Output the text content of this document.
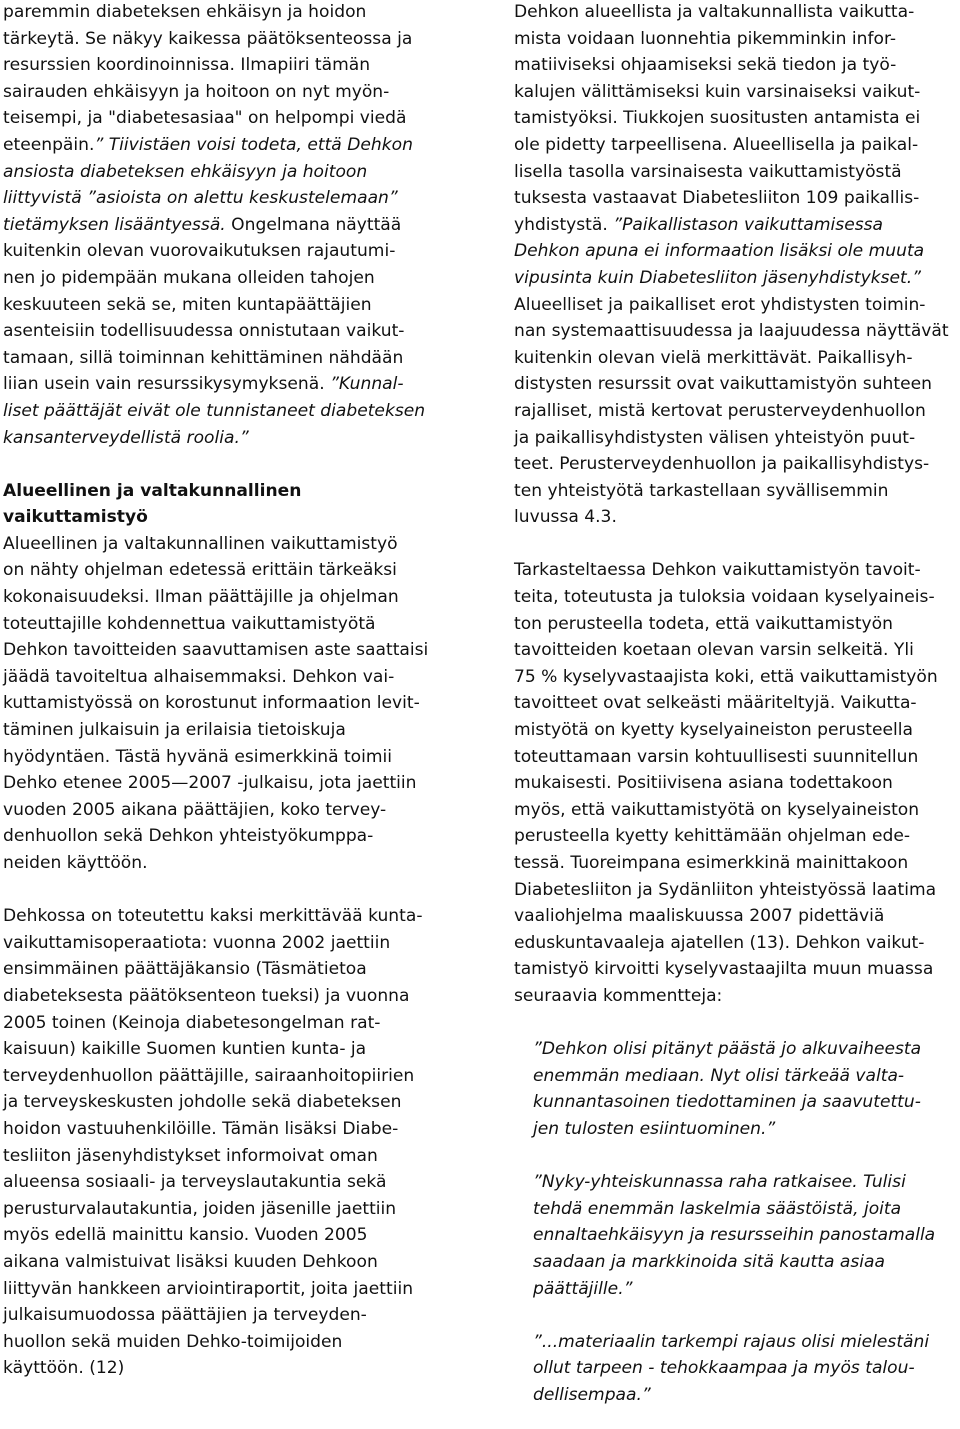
paremmin diabeteksen ehkäisyn ja hoidon
tärkeytä. Se näkyy kaikessa päätöksenteossa ja
resurssien koordinoinnissa. Ilmapiiri tämän
sairauden ehkäisyyn ja hoitoon on nyt myön-
teisempi, ja "diabetesasiaa" on helpompi viedä
eteenpäin.” Tiivistäen voisi todeta, että Dehkon
ansiosta diabeteksen ehkäisyyn ja hoitoon
liittyvistä ”asioista on alettu keskustelemaan”
tietämyksen lisääntyessä. Ongelmana näyttää
kuitenkin olevan vuorovaikutuksen rajautumi-
nen jo pidempään mukana olleiden tahojen
keskuuteen sekä se, miten kuntapäättäjien
asenteisiin todellisuudessa onnistutaan vaikut-
tamaan, sillä toiminnan kehittäminen nähdään
liian usein vain resurssikysymyksenä. ”Kunnal-
liset päättäjät eivät ole tunnistaneet diabeteksen
kansanterveydellistä roolia.”

Alueellinen ja valtakunnallinen vaikuttamistyö

Alueellinen ja valtakunnallinen vaikuttamistyö
on nähty ohjelman edetessä erittäin tärkeäksi
kokonaisuudeksi. Ilman päättäjille ja ohjelman
toteuttajille kohdennettua vaikuttamistyötä
Dehkon tavoitteiden saavuttamisen aste saattaisi
jäädä tavoiteltua alhaisemmaksi. Dehkon vai-
kuttamistyössä on korostunut informaation levit-
täminen julkaisuin ja erilaisia tietoiskuja
hyödyntäen. Tästä hyvänä esimerkkinä toimii
Dehko etenee 2005—2007 -julkaisu, jota jaettiin
vuoden 2005 aikana päättäjien, koko tervey-
denhuollon sekä Dehkon yhteistyökumppa-
neiden käyttöön.

Dehkossa on toteutettu kaksi merkittävää kunta-
vaikuttamisoperaatiota: vuonna 2002 jaettiin
ensimmäinen päättäjäkansio (Täsmätietoa
diabeteksesta päätöksenteon tueksi) ja vuonna
2005 toinen (Keinoja diabetesongelman rat-
kaisuun) kaikille Suomen kuntien kunta- ja
terveydenhuollon päättäjille, sairaanhoitopiirien
ja terveyskeskusten johdolle sekä diabeteksen
hoidon vastuuhenkilöille. Tämän lisäksi Diabe-
tesliiton jäsenyhdistykset informoivat oman
alueensa sosiaali- ja terveyslautakuntia sekä
perusturvalautakuntia, joiden jäsenille jaettiin
myös edellä mainittu kansio. Vuoden 2005
aikana valmistuivat lisäksi kuuden Dehkoon
liittyvän hankkeen arviointiraportit, joita jaettiin
julkaisumuodossa päättäjien ja terveyden-
huollon sekä muiden Dehko-toimijoiden
käyttöön. (12)

Dehkon alueellista ja valtakunnallista vaikutta-
mista voidaan luonnehtia pikemminkin infor-
matiiviseksi ohjaamiseksi sekä tiedon ja työ-
kalujen välittämiseksi kuin varsinaiseksi vaikut-
tamistyöksi. Tiukkojen suositusten antamista ei
ole pidetty tarpeellisena. Alueellisella ja paikal-
lisella tasolla varsinaisesta vaikuttamistyöstä
tuksesta vastaavat Diabetesliiton 109 paikallis-
yhdistystä. ”Paikallistason vaikuttamisessa
Dehkon apuna ei informaation lisäksi ole muuta
vipusinta kuin Diabetesliiton jäsenyhdistykset.”
Alueelliset ja paikalliset erot yhdistysten toimin-
nan systemaattisuudessa ja laajuudessa näyttävät
kuitenkin olevan vielä merkittävät. Paikallisyh-
distysten resurssit ovat vaikuttamistyön suhteen
rajalliset, mistä kertovat perusterveydenhuollon
ja paikallisyhdistysten välisen yhteistyön puut-
teet. Perusterveydenhuollon ja paikallisyhdistys-
ten yhteistyötä tarkastellaan syvällisemmin
luvussa 4.3.

Tarkasteltaessa Dehkon vaikuttamistyön tavoit-
teita, toteutusta ja tuloksia voidaan kyselyaineis-
ton perusteella todeta, että vaikuttamistyön
tavoitteiden koetaan olevan varsin selkeitä. Yli
75 % kyselyvastaajista koki, että vaikuttamistyön
tavoitteet ovat selkeästi määriteltyjä. Vaikutta-
mistyötä on kyetty kyselyaineiston perusteella
toteuttamaan varsin kohtuullisesti suunnitellun
mukaisesti. Positiivisena asiana todettakoon
myös, että vaikuttamistyötä on kyselyaineiston
perusteella kyetty kehittämään ohjelman ede-
tessä. Tuoreimpana esimerkkinä mainittakoon
Diabetesliiton ja Sydänliiton yhteistyössä laatima
vaaliohjelma maaliskuussa 2007 pidettäviä
eduskuntavaaleja ajatellen (13). Dehkon vaikut-
tamistyö kirvoitti kyselyvastaajilta muun muassa
seuraavia kommentteja:

”Dehkon olisi pitänyt päästä jo alkuvaiheesta
enemmän mediaan. Nyt olisi tärkeää valta-
kunnantasoinen tiedottaminen ja saavutettu-
jen tulosten esiintuominen.”

”Nyky-yhteiskunnassa raha ratkaisee. Tulisi
tehdä enemmän laskelmia säästöistä, joita
ennaltaehkäisyyn ja resursseihin panostamalla
saadaan ja markkinoida sitä kautta asiaa
päättäjille.”

”...materiaalin tarkempi rajaus olisi mielestäni
ollut tarpeen - tehokkaampaa ja myös talou-
dellisempaa.”
